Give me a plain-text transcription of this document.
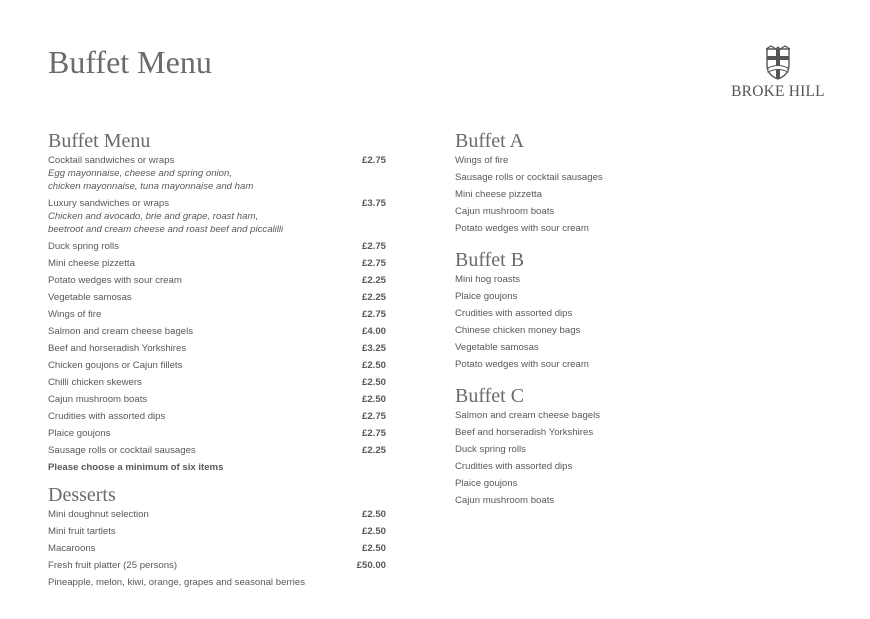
Buffet Menu
BROKE HILL
Buffet Menu
Cocktail sandwiches or wraps	£2.75
Egg mayonnaise, cheese and spring onion,
chicken mayonnaise, tuna mayonnaise and ham
Luxury sandwiches or wraps	£3.75
Chicken and avocado, brie and grape, roast ham,
beetroot and cream cheese and roast beef and piccalilli
Duck spring rolls	£2.75
Mini cheese pizzetta	£2.75
Potato wedges with sour cream	£2.25
Vegetable samosas	£2.25
Wings of fire	£2.75
Salmon and cream cheese bagels	£4.00
Beef and horseradish Yorkshires	£3.25
Chicken goujons or Cajun fillets	£2.50
Chilli chicken skewers	£2.50
Cajun mushroom boats	£2.50
Crudities with assorted dips	£2.75
Plaice goujons	£2.75
Sausage rolls or cocktail sausages	£2.25
Please choose a minimum of six items
Desserts
Mini doughnut selection	£2.50
Mini fruit tartlets	£2.50
Macaroons	£2.50
Fresh fruit platter (25 persons)	£50.00
Pineapple, melon, kiwi, orange, grapes and seasonal berries
Buffet A
Wings of fire
Sausage rolls or cocktail sausages
Mini cheese pizzetta
Cajun mushroom boats
Potato wedges with sour cream
Buffet B
Mini hog roasts
Plaice goujons
Crudities with assorted dips
Chinese chicken money bags
Vegetable samosas
Potato wedges with sour cream
Buffet C
Salmon and cream cheese bagels
Beef and horseradish Yorkshires
Duck spring rolls
Crudities with assorted dips
Plaice goujons
Cajun mushroom boats
